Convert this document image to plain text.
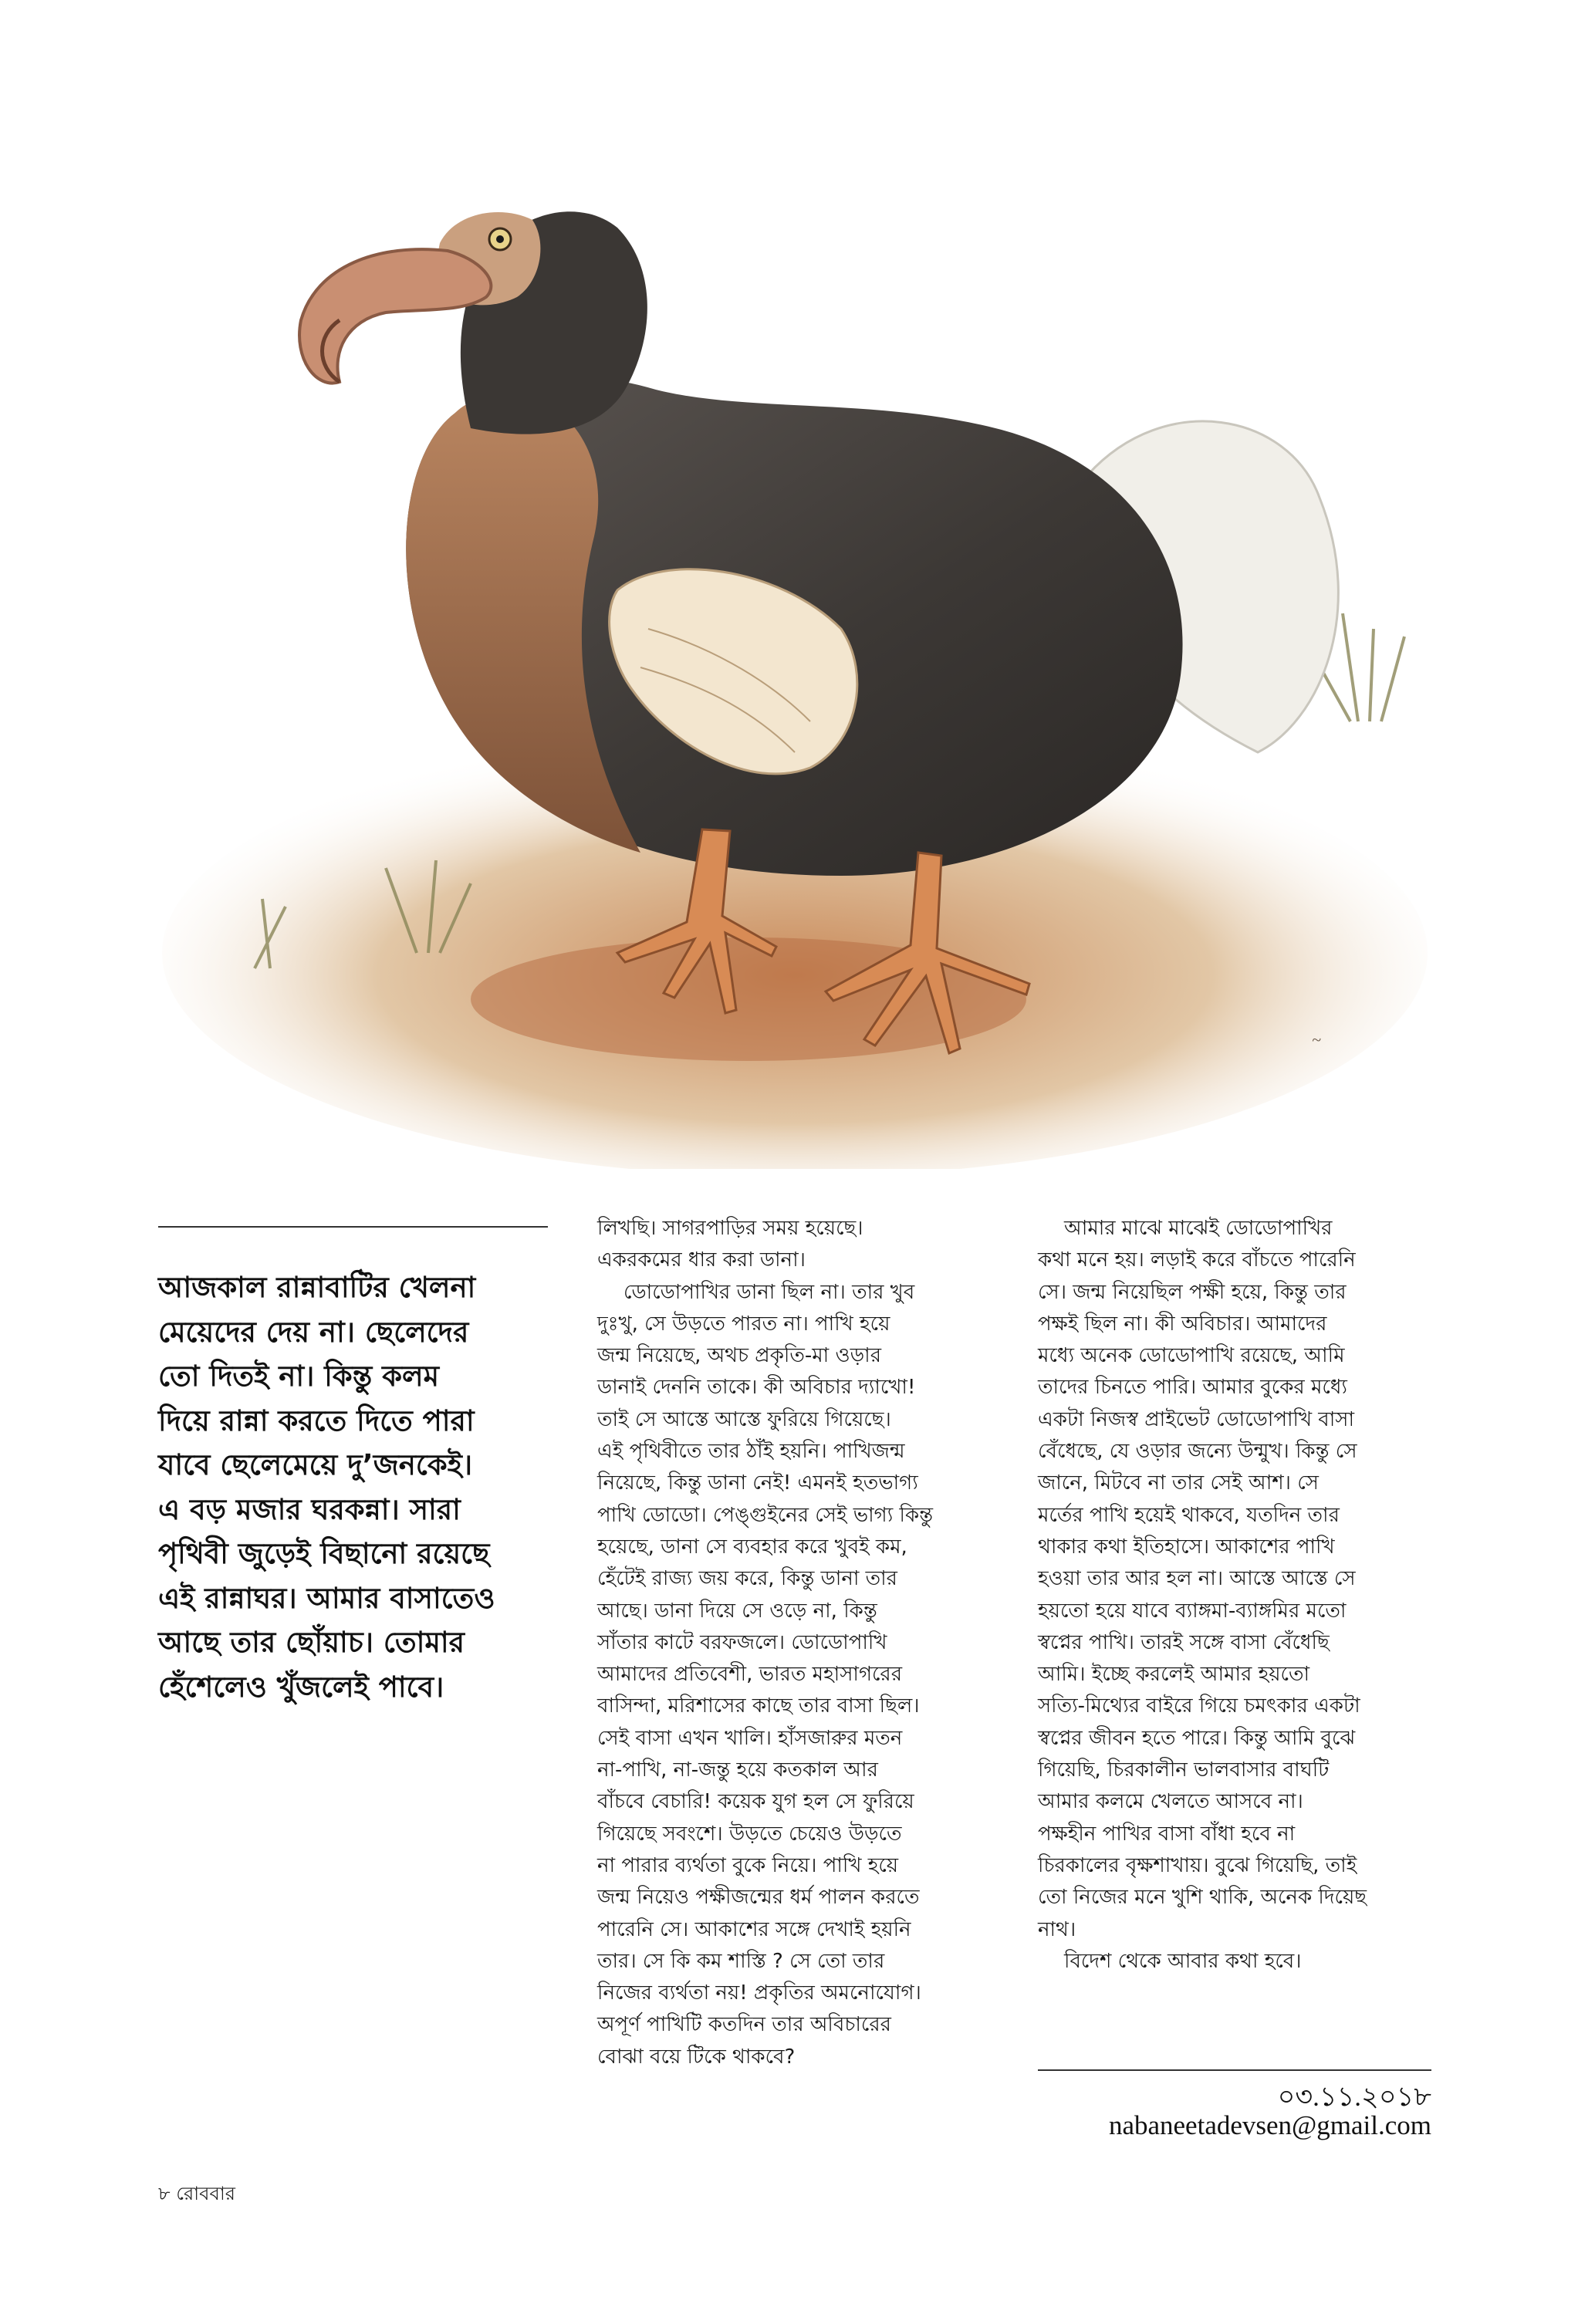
~

আজকাল রান্নাবাটির খেলনা

মেয়েদের দেয় না। ছেলেদের

তো দিতই না। কিন্তু কলম

দিয়ে রান্না করতে দিতে পারা

যাবে ছেলেমেয়ে দু’জনকেই।

এ বড় মজার ঘরকন্না। সারা

পৃথিবী জুড়েই বিছানো রয়েছে

এই রান্নাঘর। আমার বাসাতেও

আছে তার ছোঁয়াচ। তোমার

হেঁশেলেও খুঁজলেই পাবে।

লিখছি। সাগরপাড়ির সময় হয়েছে।

একরকমের ধার করা ডানা।

ডোডোপাখির ডানা ছিল না। তার খুব

দুঃখু, সে উড়তে পারত না। পাখি হয়ে

জন্ম নিয়েছে, অথচ প্রকৃতি-মা ওড়ার

ডানাই দেননি তাকে। কী অবিচার দ্যাখো!

তাই সে আস্তে আস্তে ফুরিয়ে গিয়েছে।

এই পৃথিবীতে তার ঠাঁই হয়নি। পাখিজন্ম

নিয়েছে, কিন্তু ডানা নেই! এমনই হতভাগ্য

পাখি ডোডো। পেঙ্গুইনের সেই ভাগ্য কিন্তু

হয়েছে, ডানা সে ব্যবহার করে খুবই কম,

হেঁটেই রাজ্য জয় করে, কিন্তু ডানা তার

আছে। ডানা দিয়ে সে ওড়ে না, কিন্তু

সাঁতার কাটে বরফজলে। ডোডোপাখি

আমাদের প্রতিবেশী, ভারত মহাসাগরের

বাসিন্দা, মরিশাসের কাছে তার বাসা ছিল।

সেই বাসা এখন খালি। হাঁসজারুর মতন

না-পাখি, না-জন্তু হয়ে কতকাল আর

বাঁচবে বেচারি! কয়েক যুগ হল সে ফুরিয়ে

গিয়েছে সবংশে। উড়তে চেয়েও উড়তে

না পারার ব্যর্থতা বুকে নিয়ে। পাখি হয়ে

জন্ম নিয়েও পক্ষীজন্মের ধর্ম পালন করতে

পারেনি সে। আকাশের সঙ্গে দেখাই হয়নি

তার। সে কি কম শাস্তি ? সে তো তার

নিজের ব্যর্থতা নয়! প্রকৃতির অমনোযোগ।

অপূর্ণ পাখিটি কতদিন তার অবিচারের

বোঝা বয়ে টিকে থাকবে?

আমার মাঝে মাঝেই ডোডোপাখির

কথা মনে হয়। লড়াই করে বাঁচতে পারেনি

সে। জন্ম নিয়েছিল পক্ষী হয়ে, কিন্তু তার

পক্ষই ছিল না। কী অবিচার। আমাদের

মধ্যে অনেক ডোডোপাখি রয়েছে, আমি

তাদের চিনতে পারি। আমার বুকের মধ্যে

একটা নিজস্ব প্রাইভেট ডোডোপাখি বাসা

বেঁধেছে, যে ওড়ার জন্যে উন্মুখ। কিন্তু সে

জানে, মিটবে না তার সেই আশ। সে

মর্তের পাখি হয়েই থাকবে, যতদিন তার

থাকার কথা ইতিহাসে। আকাশের পাখি

হওয়া তার আর হল না। আস্তে আস্তে সে

হয়তো হয়ে যাবে ব্যাঙ্গমা-ব্যাঙ্গমির মতো

স্বপ্নের পাখি। তারই সঙ্গে বাসা বেঁধেছি

আমি। ইচ্ছে করলেই আমার হয়তো

সত্যি-মিথ্যের বাইরে গিয়ে চমৎকার একটা

স্বপ্নের জীবন হতে পারে। কিন্তু আমি বুঝে

গিয়েছি, চিরকালীন ভালবাসার বাঘটি

আমার কলমে খেলতে আসবে না।

পক্ষহীন পাখির বাসা বাঁধা হবে না

চিরকালের বৃক্ষশাখায়। বুঝে গিয়েছি, তাই

তো নিজের মনে খুশি থাকি, অনেক দিয়েছ

নাথ।

বিদেশ থেকে আবার কথা হবে।

০৩.১১.২০১৮
nabaneetadevsen@gmail.com
৮ রোববার
